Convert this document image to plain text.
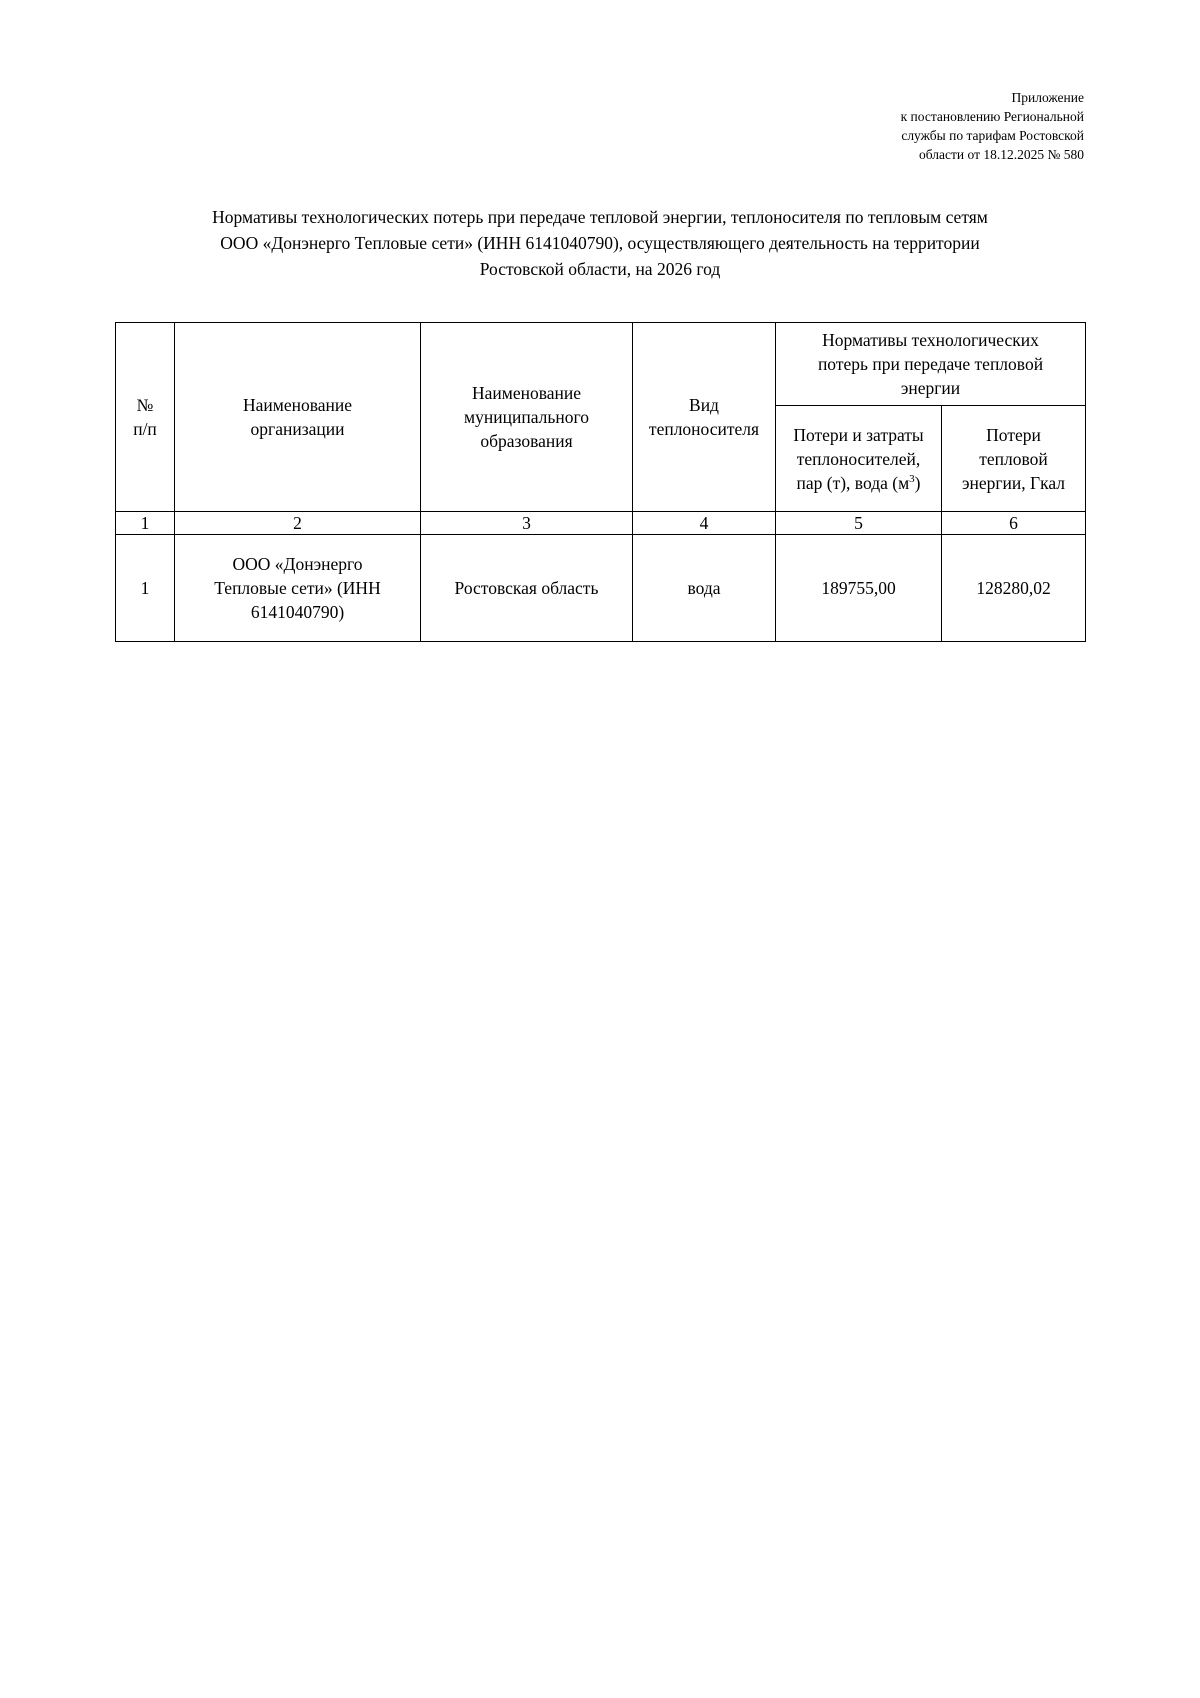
Приложение
к постановлению Региональной
службы по тарифам Ростовской
области от 18.12.2025 № 580
Нормативы технологических потерь при передаче тепловой энергии, теплоносителя по тепловым сетям
ООО «Донэнерго Тепловые сети» (ИНН 6141040790), осуществляющего деятельность на территории
Ростовской области, на 2026 год
№
п/п	Наименование
организации	Наименование
муниципального
образования	Вид
теплоносителя	Нормативы технологических
потерь при передаче тепловой
энергии	

				Потери и затраты
теплоносителей,
пар (т), вода $(м^3)$	Потери
тепловой
энергии, Гкал

1	2	3	4	5	6
1	ООО «Донэнерго
Тепловые сети» (ИНН
6141040790)	Ростовская область	вода	189755,00	128280,02
